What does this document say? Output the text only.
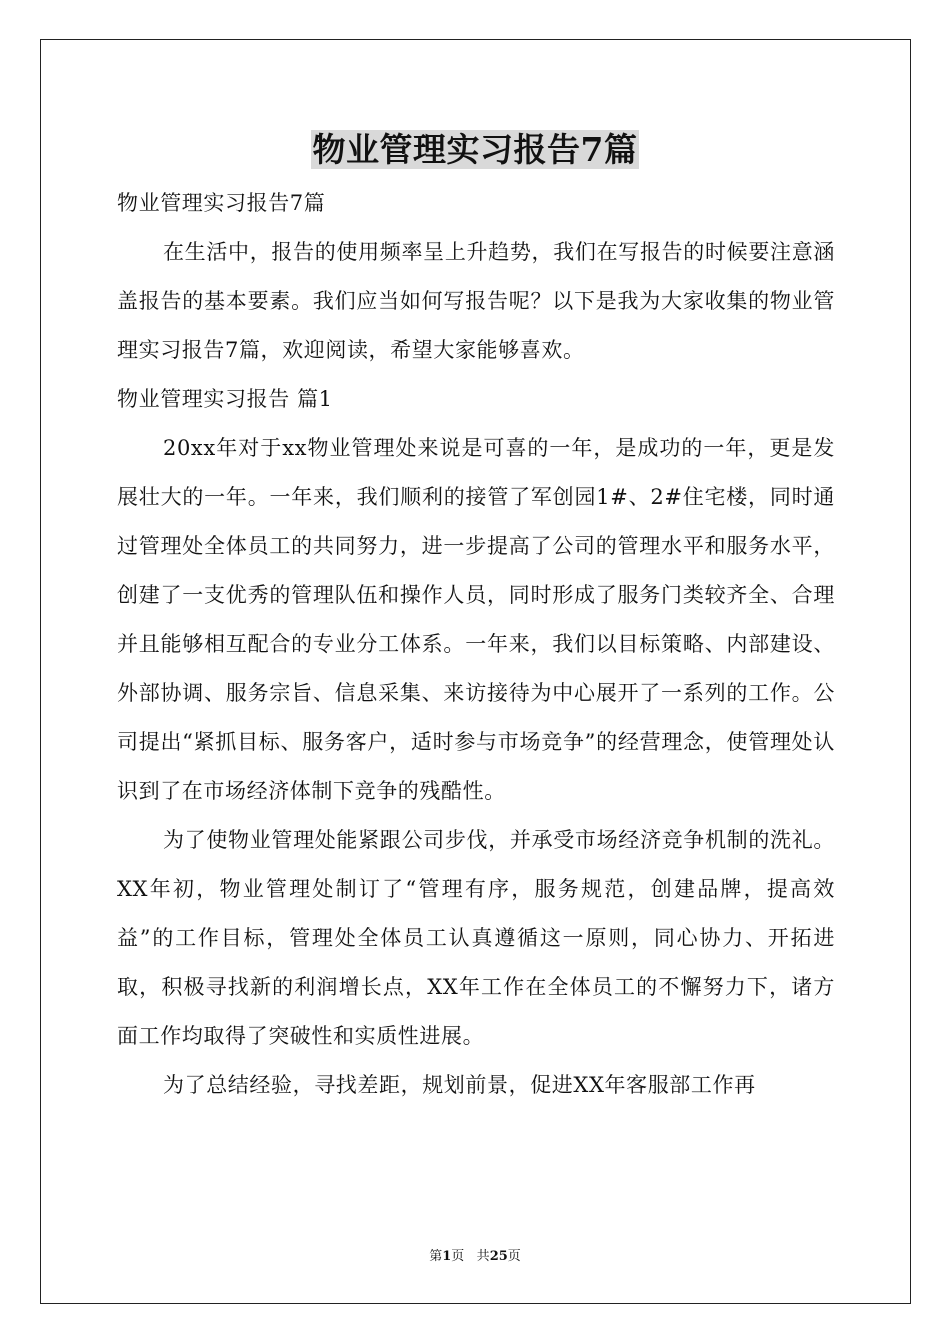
物业管理实习报告7篇

物业管理实习报告7篇

在生活中，报告的使用频率呈上升趋势，我们在写报告的时候要注意涵盖报告的基本要素。我们应当如何写报告呢？以下是我为大家收集的物业管理实习报告7篇，欢迎阅读，希望大家能够喜欢。

物业管理实习报告 篇1

20xx年对于xx物业管理处来说是可喜的一年，是成功的一年，更是发展壮大的一年。一年来，我们顺利的接管了军创园1#、2#住宅楼，同时通过管理处全体员工的共同努力，进一步提高了公司的管理水平和服务水平，创建了一支优秀的管理队伍和操作人员，同时形成了服务门类较齐全、合理并且能够相互配合的专业分工体系。一年来，我们以目标策略、内部建设、外部协调、服务宗旨、信息采集、来访接待为中心展开了一系列的工作。公司提出“紧抓目标、服务客户，适时参与市场竞争”的经营理念，使管理处认识到了在市场经济体制下竞争的残酷性。

为了使物业管理处能紧跟公司步伐，并承受市场经济竞争机制的洗礼。XX年初，物业管理处制订了“管理有序，服务规范，创建品牌，提高效益”的工作目标，管理处全体员工认真遵循这一原则，同心协力、开拓进取，积极寻找新的利润增长点，XX年工作在全体员工的不懈努力下，诸方面工作均取得了突破性和实质性进展。

为了总结经验，寻找差距，规划前景，促进XX年客服部工作再

第1页 共25页
